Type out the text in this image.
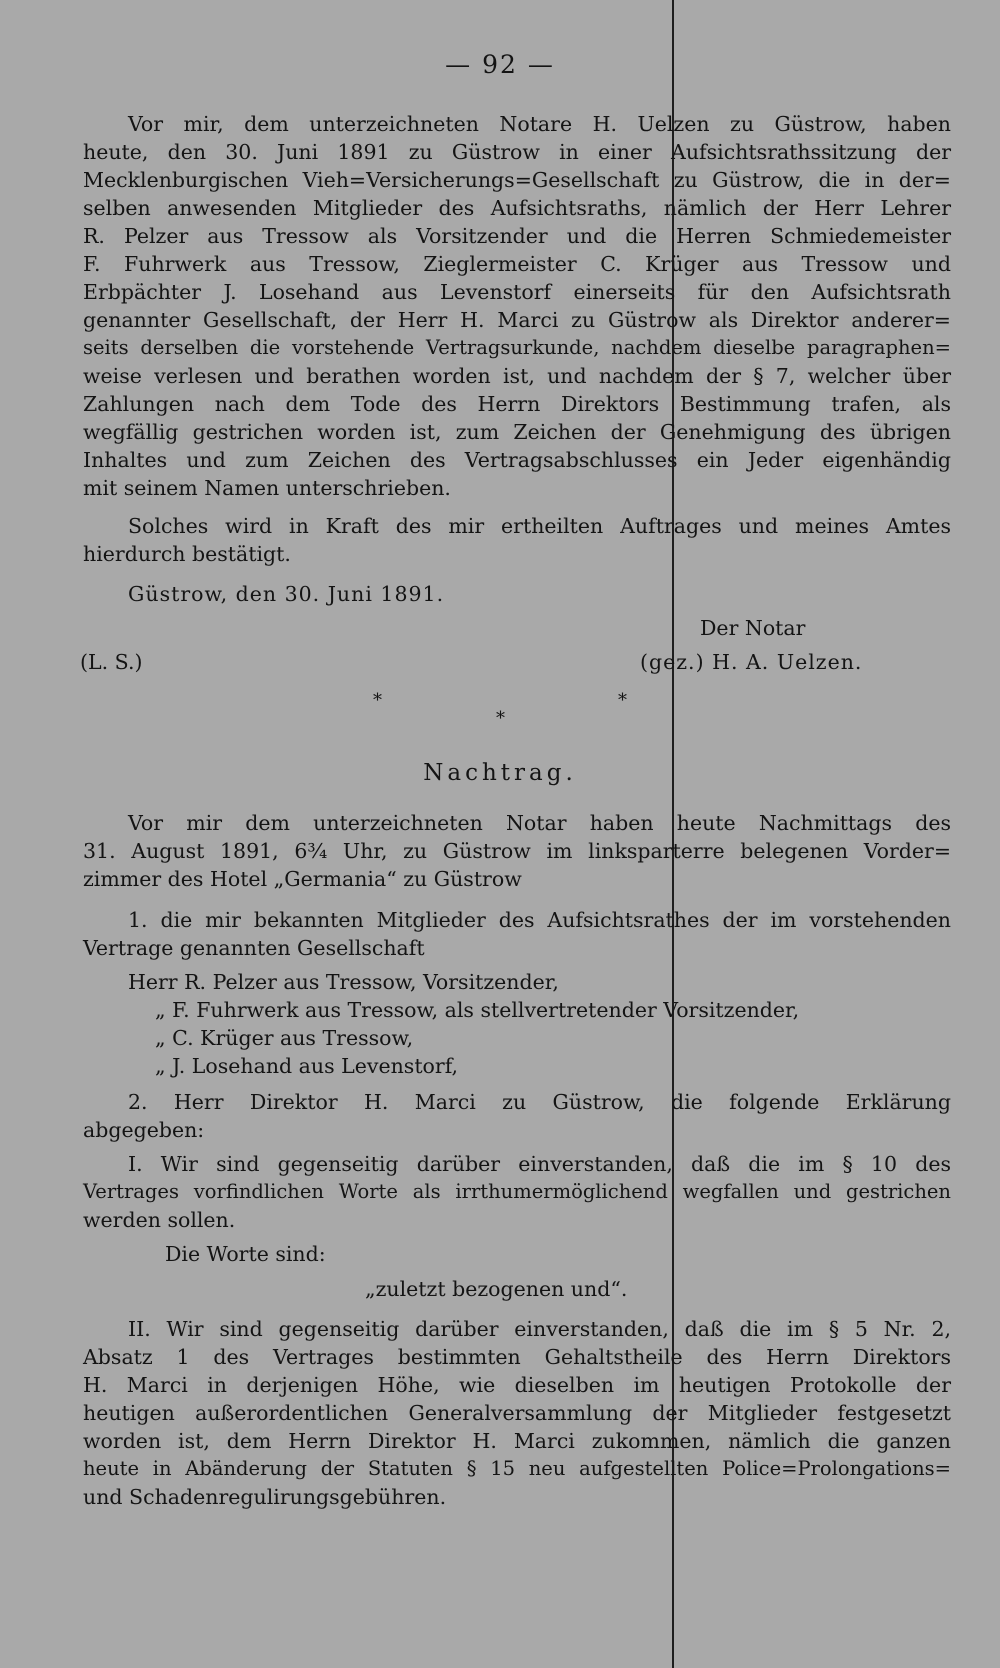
— 92 —
Vor mir, dem unterzeichneten Notare H. Uelzen zu Güstrow, haben
heute, den 30. Juni 1891 zu Güstrow in einer Aufsichtsrathssitzung der
Mecklenburgischen Vieh=Versicherungs=Gesellschaft zu Güstrow, die in der=
selben anwesenden Mitglieder des Aufsichtsraths, nämlich der Herr Lehrer
R. Pelzer aus Tressow als Vorsitzender und die Herren Schmiedemeister
F. Fuhrwerk aus Tressow, Zieglermeister C. Krüger aus Tressow und
Erbpächter J. Losehand aus Levenstorf einerseits für den Aufsichtsrath
genannter Gesellschaft, der Herr H. Marci zu Güstrow als Direktor anderer=
seits derselben die vorstehende Vertragsurkunde, nachdem dieselbe paragraphen=
weise verlesen und berathen worden ist, und nachdem der § 7, welcher über
Zahlungen nach dem Tode des Herrn Direktors Bestimmung trafen, als
wegfällig gestrichen worden ist, zum Zeichen der Genehmigung des übrigen
Inhaltes und zum Zeichen des Vertragsabschlusses ein Jeder eigenhändig
mit seinem Namen unterschrieben.
Solches wird in Kraft des mir ertheilten Auftrages und meines Amtes
hierdurch bestätigt.
Güstrow, den 30. Juni 1891.
Der Notar
(L. S.)	(gez.) H. A. Uelzen.
*	*
*
Nachtrag.
Vor mir dem unterzeichneten Notar haben heute Nachmittags des
31. August 1891, 6¾ Uhr, zu Güstrow im linksparterre belegenen Vorder=
zimmer des Hotel „Germania“ zu Güstrow
1. die mir bekannten Mitglieder des Aufsichtsrathes der im vorstehenden
Vertrage genannten Gesellschaft
Herr R. Pelzer aus Tressow, Vorsitzender,
„ F. Fuhrwerk aus Tressow, als stellvertretender Vorsitzender,
„ C. Krüger aus Tressow,
„ J. Losehand aus Levenstorf,
2. Herr Direktor H. Marci zu Güstrow, die folgende Erklärung
abgegeben:
I. Wir sind gegenseitig darüber einverstanden, daß die im § 10 des
Vertrages vorfindlichen Worte als irrthumermöglichend wegfallen und gestrichen
werden sollen.
Die Worte sind:
„zuletzt bezogenen und“.
II. Wir sind gegenseitig darüber einverstanden, daß die im § 5 Nr. 2,
Absatz 1 des Vertrages bestimmten Gehaltstheile des Herrn Direktors
H. Marci in derjenigen Höhe, wie dieselben im heutigen Protokolle der
heutigen außerordentlichen Generalversammlung der Mitglieder festgesetzt
worden ist, dem Herrn Direktor H. Marci zukommen, nämlich die ganzen
heute in Abänderung der Statuten § 15 neu aufgestellten Police=Prolongations=
und Schadenregulirungsgebühren.
